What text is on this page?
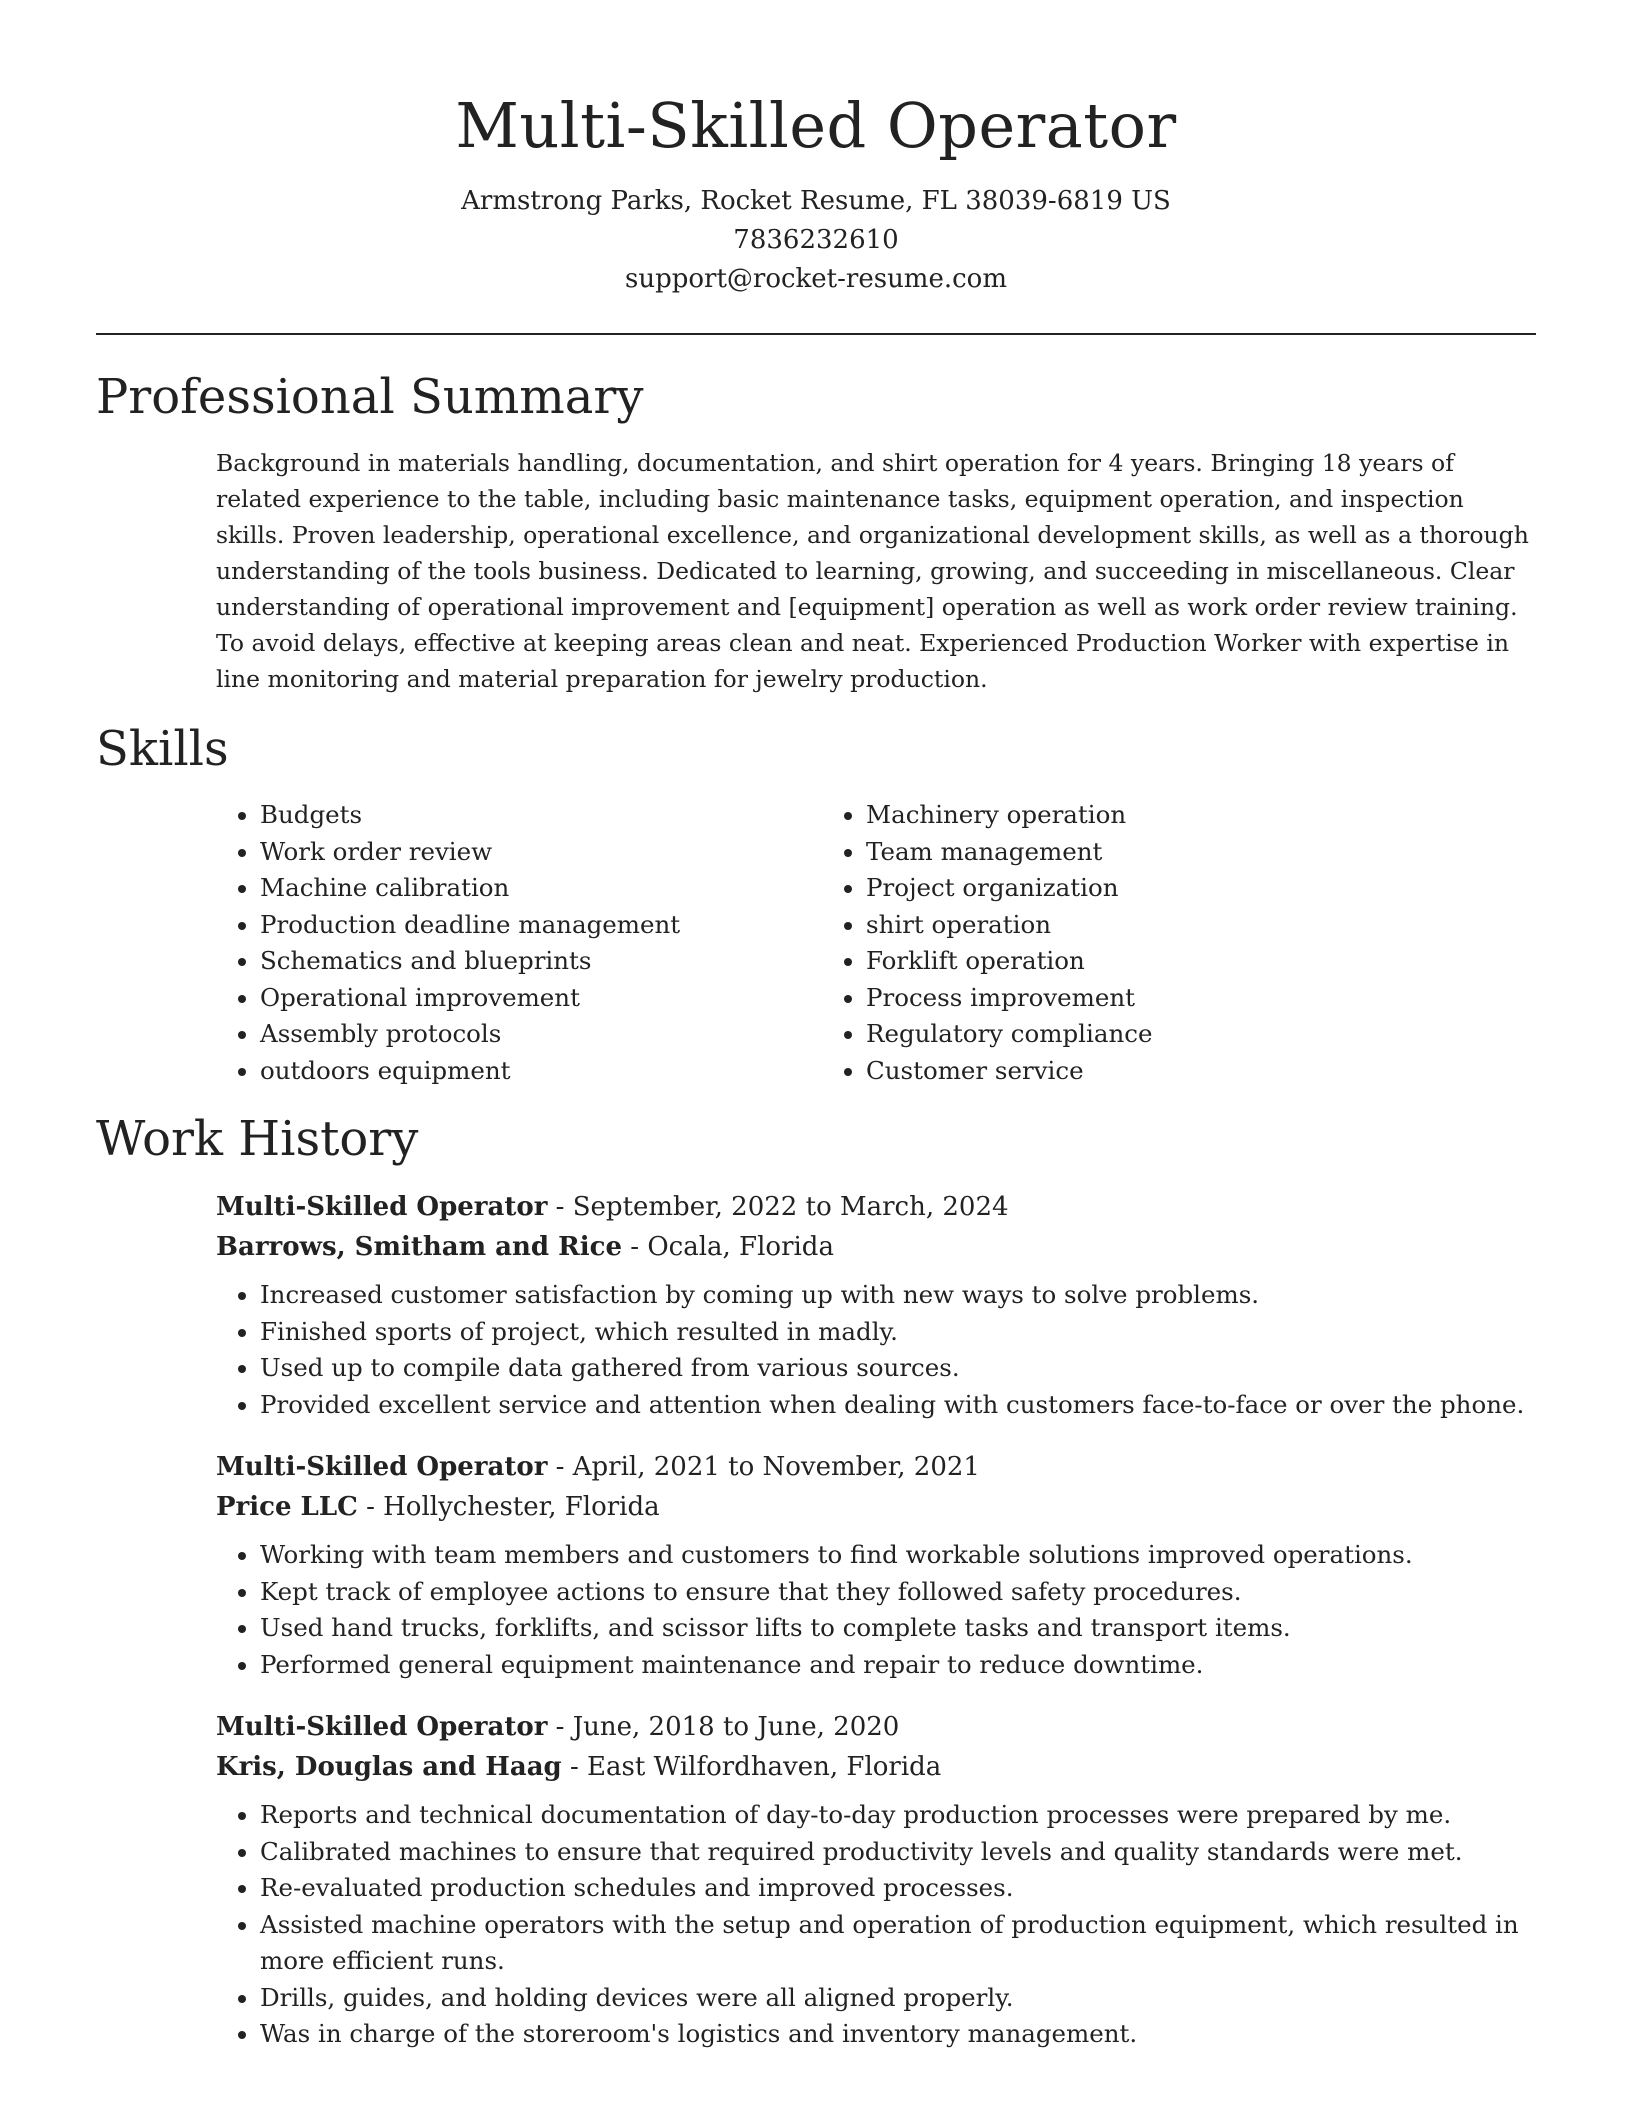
Multi-Skilled Operator
Armstrong Parks, Rocket Resume, FL 38039-6819 US
7836232610
support@rocket-resume.com
Professional Summary

Background in materials handling, documentation, and shirt operation for 4 years. Bringing 18 years of related experience to the table, including basic maintenance tasks, equipment operation, and inspection skills. Proven leadership, operational excellence, and organizational development skills, as well as a thorough understanding of the tools business. Dedicated to learning, growing, and succeeding in miscellaneous. Clear understanding of operational improvement and [equipment] operation as well as work order review training. To avoid delays, effective at keeping areas clean and neat. Experienced Production Worker with expertise in line monitoring and material preparation for jewelry production.

Skills
• Budgets
• Work order review
• Machine calibration
• Production deadline management
• Schematics and blueprints
• Operational improvement
• Assembly protocols
• outdoors equipment
• Machinery operation
• Team management
• Project organization
• shirt operation
• Forklift operation
• Process improvement
• Regulatory compliance
• Customer service
Work History
Multi-Skilled Operator - September, 2022 to March, 2024
Barrows, Smitham and Rice - Ocala, Florida
• Increased customer satisfaction by coming up with new ways to solve problems.
• Finished sports of project, which resulted in madly.
• Used up to compile data gathered from various sources.
• Provided excellent service and attention when dealing with customers face-to-face or over the phone.
Multi-Skilled Operator - April, 2021 to November, 2021
Price LLC - Hollychester, Florida
• Working with team members and customers to find workable solutions improved operations.
• Kept track of employee actions to ensure that they followed safety procedures.
• Used hand trucks, forklifts, and scissor lifts to complete tasks and transport items.
• Performed general equipment maintenance and repair to reduce downtime.
Multi-Skilled Operator - June, 2018 to June, 2020
Kris, Douglas and Haag - East Wilfordhaven, Florida
• Reports and technical documentation of day-to-day production processes were prepared by me.
• Calibrated machines to ensure that required productivity levels and quality standards were met.
• Re-evaluated production schedules and improved processes.
• Assisted machine operators with the setup and operation of production equipment, which resulted in more efficient runs.
• Drills, guides, and holding devices were all aligned properly.
• Was in charge of the storeroom's logistics and inventory management.
